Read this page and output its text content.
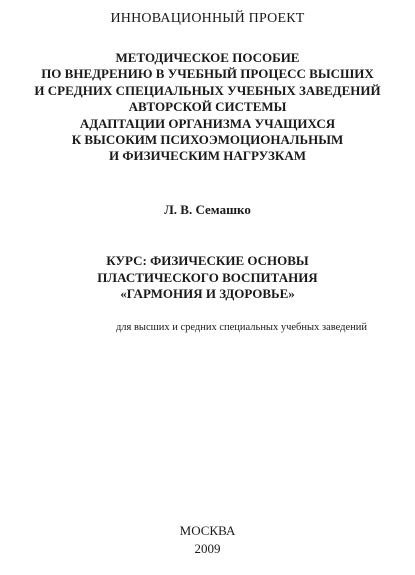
ИННОВАЦИОННЫЙ ПРОЕКТ
МЕТОДИЧЕСКОЕ ПОСОБИЕ
ПО ВНЕДРЕНИЮ В УЧЕБНЫЙ ПРОЦЕСС ВЫСШИХ
И СРЕДНИХ СПЕЦИАЛЬНЫХ УЧЕБНЫХ ЗАВЕДЕНИЙ
АВТОРСКОЙ СИСТЕМЫ
АДАПТАЦИИ ОРГАНИЗМА УЧАЩИХСЯ
К ВЫСОКИМ ПСИХОЭМОЦИОНАЛЬНЫМ
И ФИЗИЧЕСКИМ НАГРУЗКАМ
Л. В. Семашко
КУРС: ФИЗИЧЕСКИЕ ОСНОВЫ
ПЛАСТИЧЕСКОГО ВОСПИТАНИЯ
«ГАРМОНИЯ И ЗДОРОВЬЕ»
для высших и средних специальных учебных заведений
МОСКВА
2009
